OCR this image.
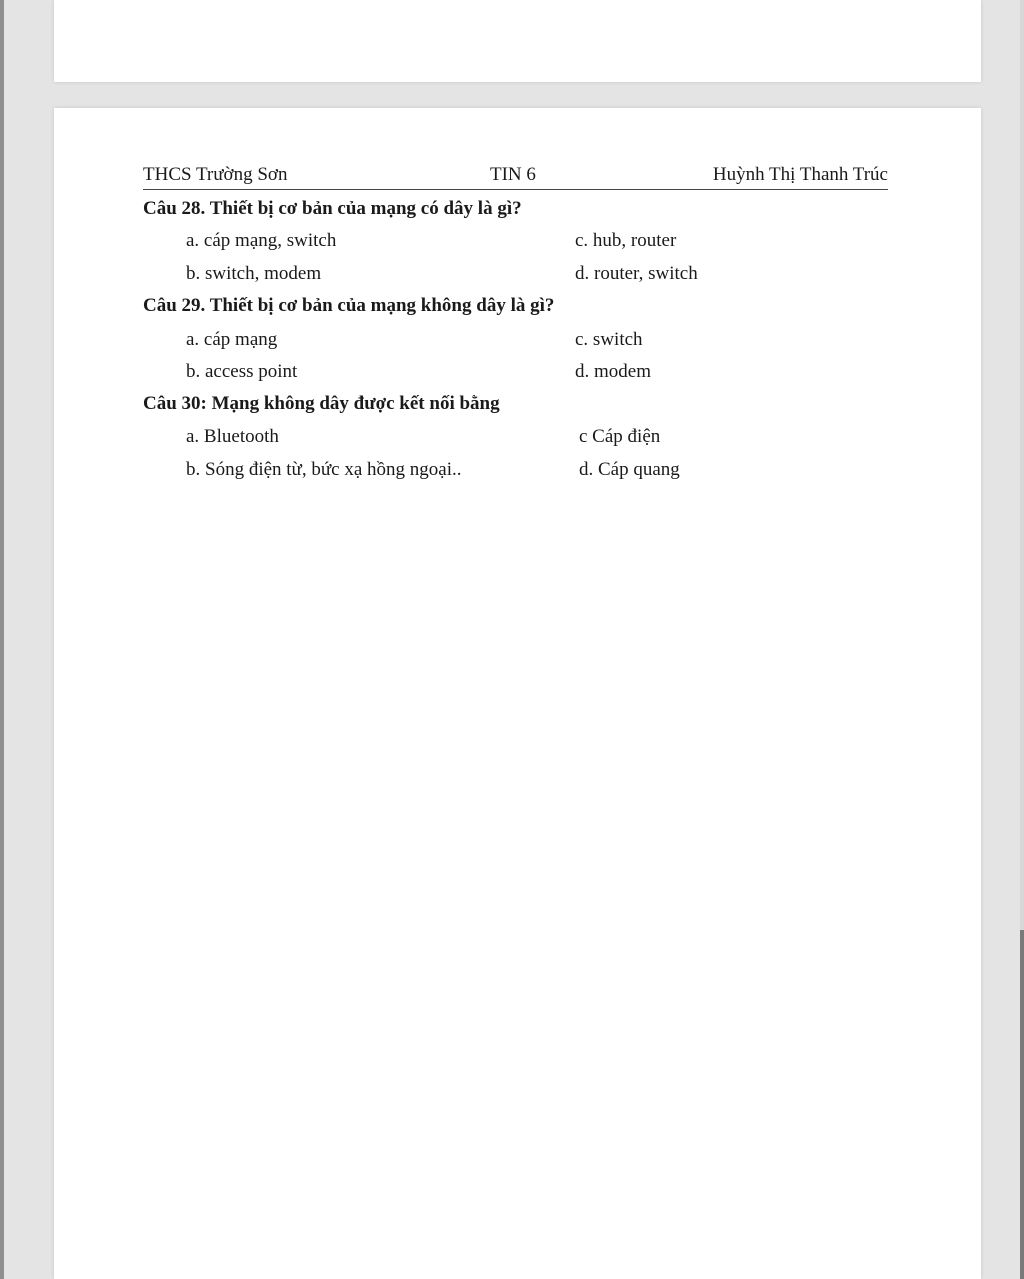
THCS Trường Sơn	TIN 6	Huỳnh Thị Thanh Trúc
Câu 28. Thiết bị cơ bản của mạng có dây là gì?
a. cáp mạng, switch	c. hub, router
b. switch, modem	d. router, switch
Câu 29. Thiết bị cơ bản của mạng không dây là gì?
a. cáp mạng	c. switch
b. access point	d. modem
Câu 30: Mạng không dây được kết nối bằng
a. Bluetooth	c Cáp điện
b. Sóng điện từ, bức xạ hồng ngoại..	d. Cáp quang
